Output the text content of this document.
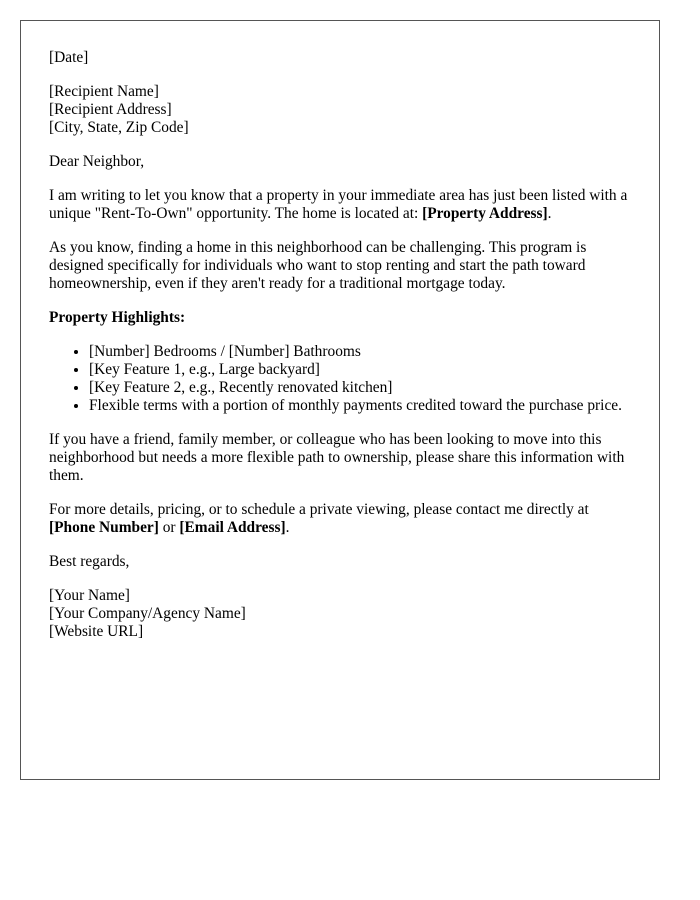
[Date]

[Recipient Name]
[Recipient Address]
[City, State, Zip Code]

Dear Neighbor,

I am writing to let you know that a property in your immediate area has just been listed with a unique "Rent-To-Own" opportunity. The home is located at: [Property Address].

As you know, finding a home in this neighborhood can be challenging. This program is designed specifically for individuals who want to stop renting and start the path toward homeownership, even if they aren't ready for a traditional mortgage today.

Property Highlights:

• [Number] Bedrooms / [Number] Bathrooms
• [Key Feature 1, e.g., Large backyard]
• [Key Feature 2, e.g., Recently renovated kitchen]
• Flexible terms with a portion of monthly payments credited toward the purchase price.

If you have a friend, family member, or colleague who has been looking to move into this neighborhood but needs a more flexible path to ownership, please share this information with them.

For more details, pricing, or to schedule a private viewing, please contact me directly at [Phone Number] or [Email Address].

Best regards,

[Your Name]
[Your Company/Agency Name]
[Website URL]
